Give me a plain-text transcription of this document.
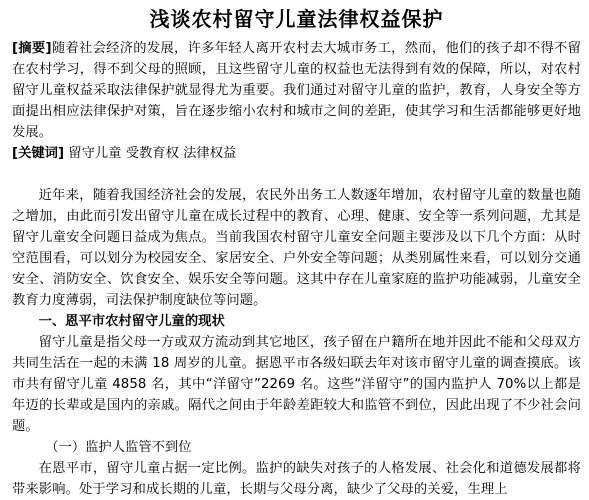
浅谈农村留守儿童法律权益保护

[摘要]随着社会经济的发展，许多年轻人离开农村去大城市务工，然而，他们的孩子却不得不留在农村学习，得不到父母的照顾，且这些留守儿童的权益也无法得到有效的保障，所以，对农村留守儿童权益采取法律保护就显得尤为重要。我们通过对留守儿童的监护，教育，人身安全等方面提出相应法律保护对策，旨在逐步缩小农村和城市之间的差距，使其学习和生活都能够更好地发展。

[关键词] 留守儿童 受教育权 法律权益

近年来，随着我国经济社会的发展，农民外出务工人数逐年增加，农村留守儿童的数量也随之增加，由此而引发出留守儿童在成长过程中的教育、心理、健康、安全等一系列问题，尤其是留守儿童安全问题日益成为焦点。当前我国农村留守儿童安全问题主要涉及以下几个方面：从时空范围看，可以划分为校园安全、家居安全、户外安全等问题；从类别属性来看，可以划分交通安全、消防安全、饮食安全、娱乐安全等问题。这其中存在儿童家庭的监护功能减弱，儿童安全教育力度薄弱，司法保护制度缺位等问题。

一、恩平市农村留守儿童的现状

留守儿童是指父母一方或双方流动到其它地区，孩子留在户籍所在地并因此不能和父母双方共同生活在一起的未满 18 周岁的儿童。据恩平市各级妇联去年对该市留守儿童的调查摸底。该市共有留守儿童 4858 名，其中“洋留守”2269 名。这些“洋留守”的国内监护人 70%以上都是年迈的长辈或是国内的亲戚。隔代之间由于年龄差距较大和监管不到位，因此出现了不少社会问题。

（一）监护人监管不到位

在恩平市，留守儿童占据一定比例。监护的缺失对孩子的人格发展、社会化和道德发展都将带来影响。处于学习和成长期的儿童，长期与父母分离，缺少了父母的关爱，生理上
